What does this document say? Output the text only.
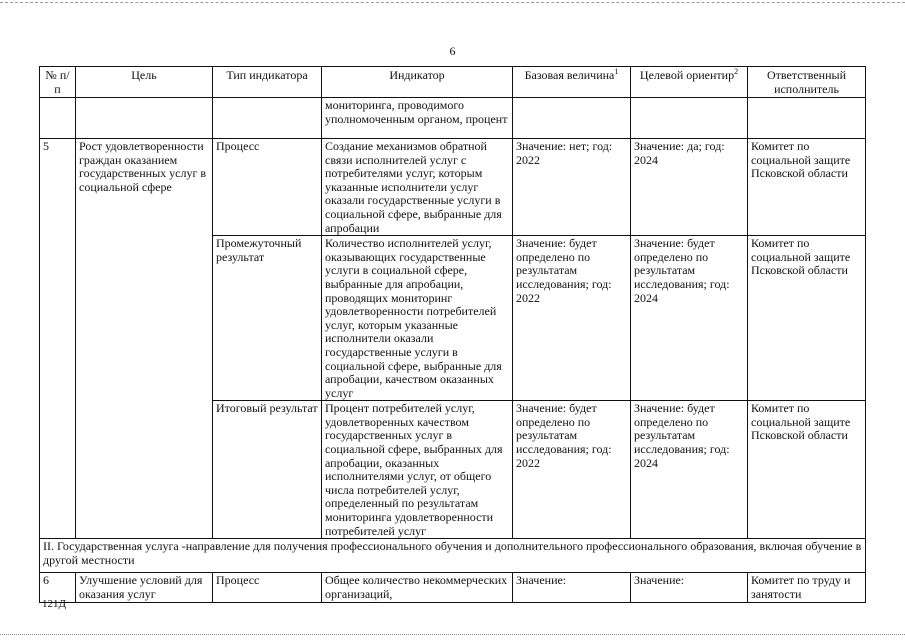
6
№ п/п	Цель	Тип индикатора	Индикатор	Базовая величина$^1$	Целевой ориентир$^2$	Ответственный исполнитель
			мониторинга, проводимого уполномоченным органом, процент			
5	Рост удовлетворенности граждан оказанием государственных услуг в социальной сфере	Процесс	Создание механизмов обратной связи исполнителей услуг с потребителями услуг, которым указанные исполнители услуг оказали государственные услуги в социальной сфере, выбранные для апробации	Значение: нет; год: 2022	Значение: да; год: 2024	Комитет по социальной защите Псковской области
		Промежуточный результат	Количество исполнителей услуг, оказывающих государственные услуги в социальной сфере, выбранные для апробации, проводящих мониторинг удовлетворенности потребителей услуг, которым указанные исполнители оказали государственные услуги в социальной сфере, выбранные для апробации, качеством оказанных услуг	Значение: будет определено по результатам исследования; год: 2022	Значение: будет определено по результатам исследования; год: 2024	Комитет по социальной защите Псковской области
		Итоговый результат	Процент потребителей услуг, удовлетворенных качеством государственных услуг в социальной сфере, выбранных для апробации, оказанных исполнителями услуг, от общего числа потребителей услуг, определенный по результатам мониторинга удовлетворенности потребителей услуг	Значение: будет определено по результатам исследования; год: 2022	Значение: будет определено по результатам исследования; год: 2024	Комитет по социальной защите Псковской области
II. Государственная услуга -направление для получения профессионального обучения и дополнительного профессионального образования, включая обучение в другой местности						
6	Улучшение условий для оказания услуг	Процесс	Общее количество некоммерческих организаций,	Значение:	Значение:	Комитет по труду и занятости
121Д
